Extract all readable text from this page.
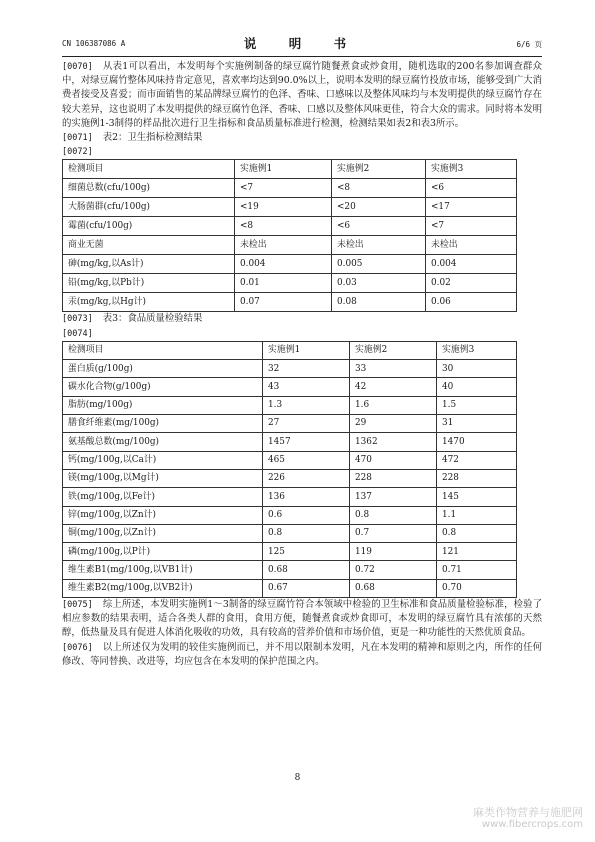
CN 106387086 A	说 明 书	6/6 页

[0070] 从表1可以看出，本发明每个实施例制备的绿豆腐竹随餐煮食或炒食用，随机选取的200名参加调查群众中，对绿豆腐竹整体风味持肯定意见，喜欢率均达到90.0%以上，说明本发明的绿豆腐竹投放市场，能够受到广大消费者接受及喜爱；而市面销售的某品牌绿豆腐竹的色泽、香味、口感味以及整体风味均与本发明提供的绿豆腐竹存在较大差异，这也说明了本发明提供的绿豆腐竹色泽、香味、口感以及整体风味更佳，符合大众的需求。同时将本发明的实施例1-3制得的样品批次进行卫生指标和食品质量标准进行检测，检测结果如表2和表3所示。

[0071] 表2：卫生指标检测结果

[0072]

检测项目	实施例1	实施例2	实施例3
细菌总数(cfu/100g)	<7	<8	<6
大肠菌群(cfu/100g)	<19	<20	<17
霉菌(cfu/100g)	<8	<6	<7
商业无菌	未检出	未检出	未检出
砷(mg/kg,以As计)	0.004	0.005	0.004
铅(mg/kg,以Pb计)	0.01	0.03	0.02
汞(mg/kg,以Hg计)	0.07	0.08	0.06

[0073] 表3：食品质量检验结果

[0074]

检测项目	实施例1	实施例2	实施例3
蛋白质(g/100g)	32	33	30
碳水化合物(g/100g)	43	42	40
脂肪(mg/100g)	1.3	1.6	1.5
膳食纤维素(mg/100g)	27	29	31
氨基酸总数(mg/100g)	1457	1362	1470
钙(mg/100g,以Ca计)	465	470	472
镁(mg/100g,以Mg计)	226	228	228
铁(mg/100g,以Fe计)	136	137	145
锌(mg/100g,以Zn计)	0.6	0.8	1.1
铜(mg/100g,以Zn计)	0.8	0.7	0.8
磷(mg/100g,以P计)	125	119	121
维生素B1(mg/100g,以VB1计)	0.68	0.72	0.71
维生素B2(mg/100g,以VB2计)	0.67	0.68	0.70

[0075] 综上所述，本发明实施例1～3制备的绿豆腐竹符合本领域中检验的卫生标准和食品质量检验标准，检验了相应参数的结果表明，适合各类人群的食用，食用方便，随餐煮食或炒食即可，本发明的绿豆腐竹具有浓郁的天然醇，低热量及具有促进人体消化吸收的功效，具有较高的营养价值和市场价值，更是一种功能性的天然优质食品。

[0076] 以上所述仅为发明的较佳实施例而已，并不用以限制本发明，凡在本发明的精神和原则之内，所作的任何修改、等同替换、改进等，均应包含在本发明的保护范围之内。

8
麻类作物营养与施肥网
www.fibercrops.com
